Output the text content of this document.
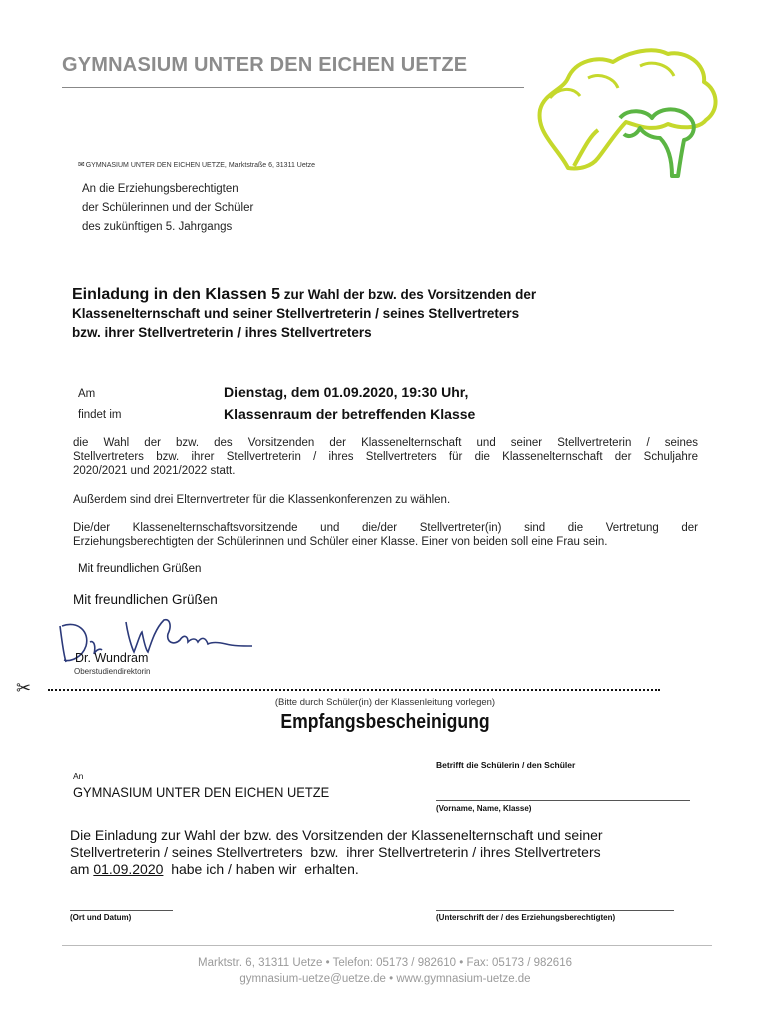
GYMNASIUM UNTER DEN EICHEN UETZE
✉GYMNASIUM UNTER DEN EICHEN UETZE, Marktstraße 6, 31311 Uetze
An die Erziehungsberechtigten
der Schülerinnen und der Schüler
des zukünftigen 5. Jahrgangs
Einladung in den Klassen 5 zur Wahl der bzw. des Vorsitzenden der
Klassenelternschaft und seiner Stellvertreterin / seines Stellvertreters
bzw. ihrer Stellvertreterin / ihres Stellvertreters
Am	Dienstag, dem 01.09.2020, 19:30 Uhr,
findet im	Klassenraum der betreffenden Klasse
die Wahl der bzw. des Vorsitzenden der Klassenelternschaft und seiner Stellvertreterin / seines
Stellvertreters bzw. ihrer Stellvertreterin / ihres Stellvertreters für die Klassenelternschaft der Schuljahre
2020/2021 und 2021/2022 statt.
Außerdem sind drei Elternvertreter für die Klassenkonferenzen zu wählen.
Die/der Klassenelternschaftsvorsitzende und die/der Stellvertreter(in) sind die Vertretung der
Erziehungsberechtigten der Schülerinnen und Schüler einer Klasse. Einer von beiden soll eine Frau sein.
Mit freundlichen Grüßen
Mit freundlichen Grüßen
Dr. Wundram
Oberstudiendirektorin
✂
(Bitte durch Schüler(in) der Klassenleitung vorlegen)
Empfangsbescheinigung
Betrifft die Schülerin / den Schüler
An
GYMNASIUM UNTER DEN EICHEN UETZE
(Vorname, Name, Klasse)
Die Einladung zur Wahl der bzw. des Vorsitzenden der Klassenelternschaft und seiner
Stellvertreterin / seines Stellvertreters  bzw.  ihrer Stellvertreterin / ihres Stellvertreters
am 01.09.2020  habe ich / haben wir  erhalten.
(Ort und Datum)	(Unterschrift der / des Erziehungsberechtigten)
Marktstr. 6, 31311 Uetze • Telefon: 05173 / 982610 • Fax: 05173 / 982616
gymnasium-uetze@uetze.de • www.gymnasium-uetze.de
